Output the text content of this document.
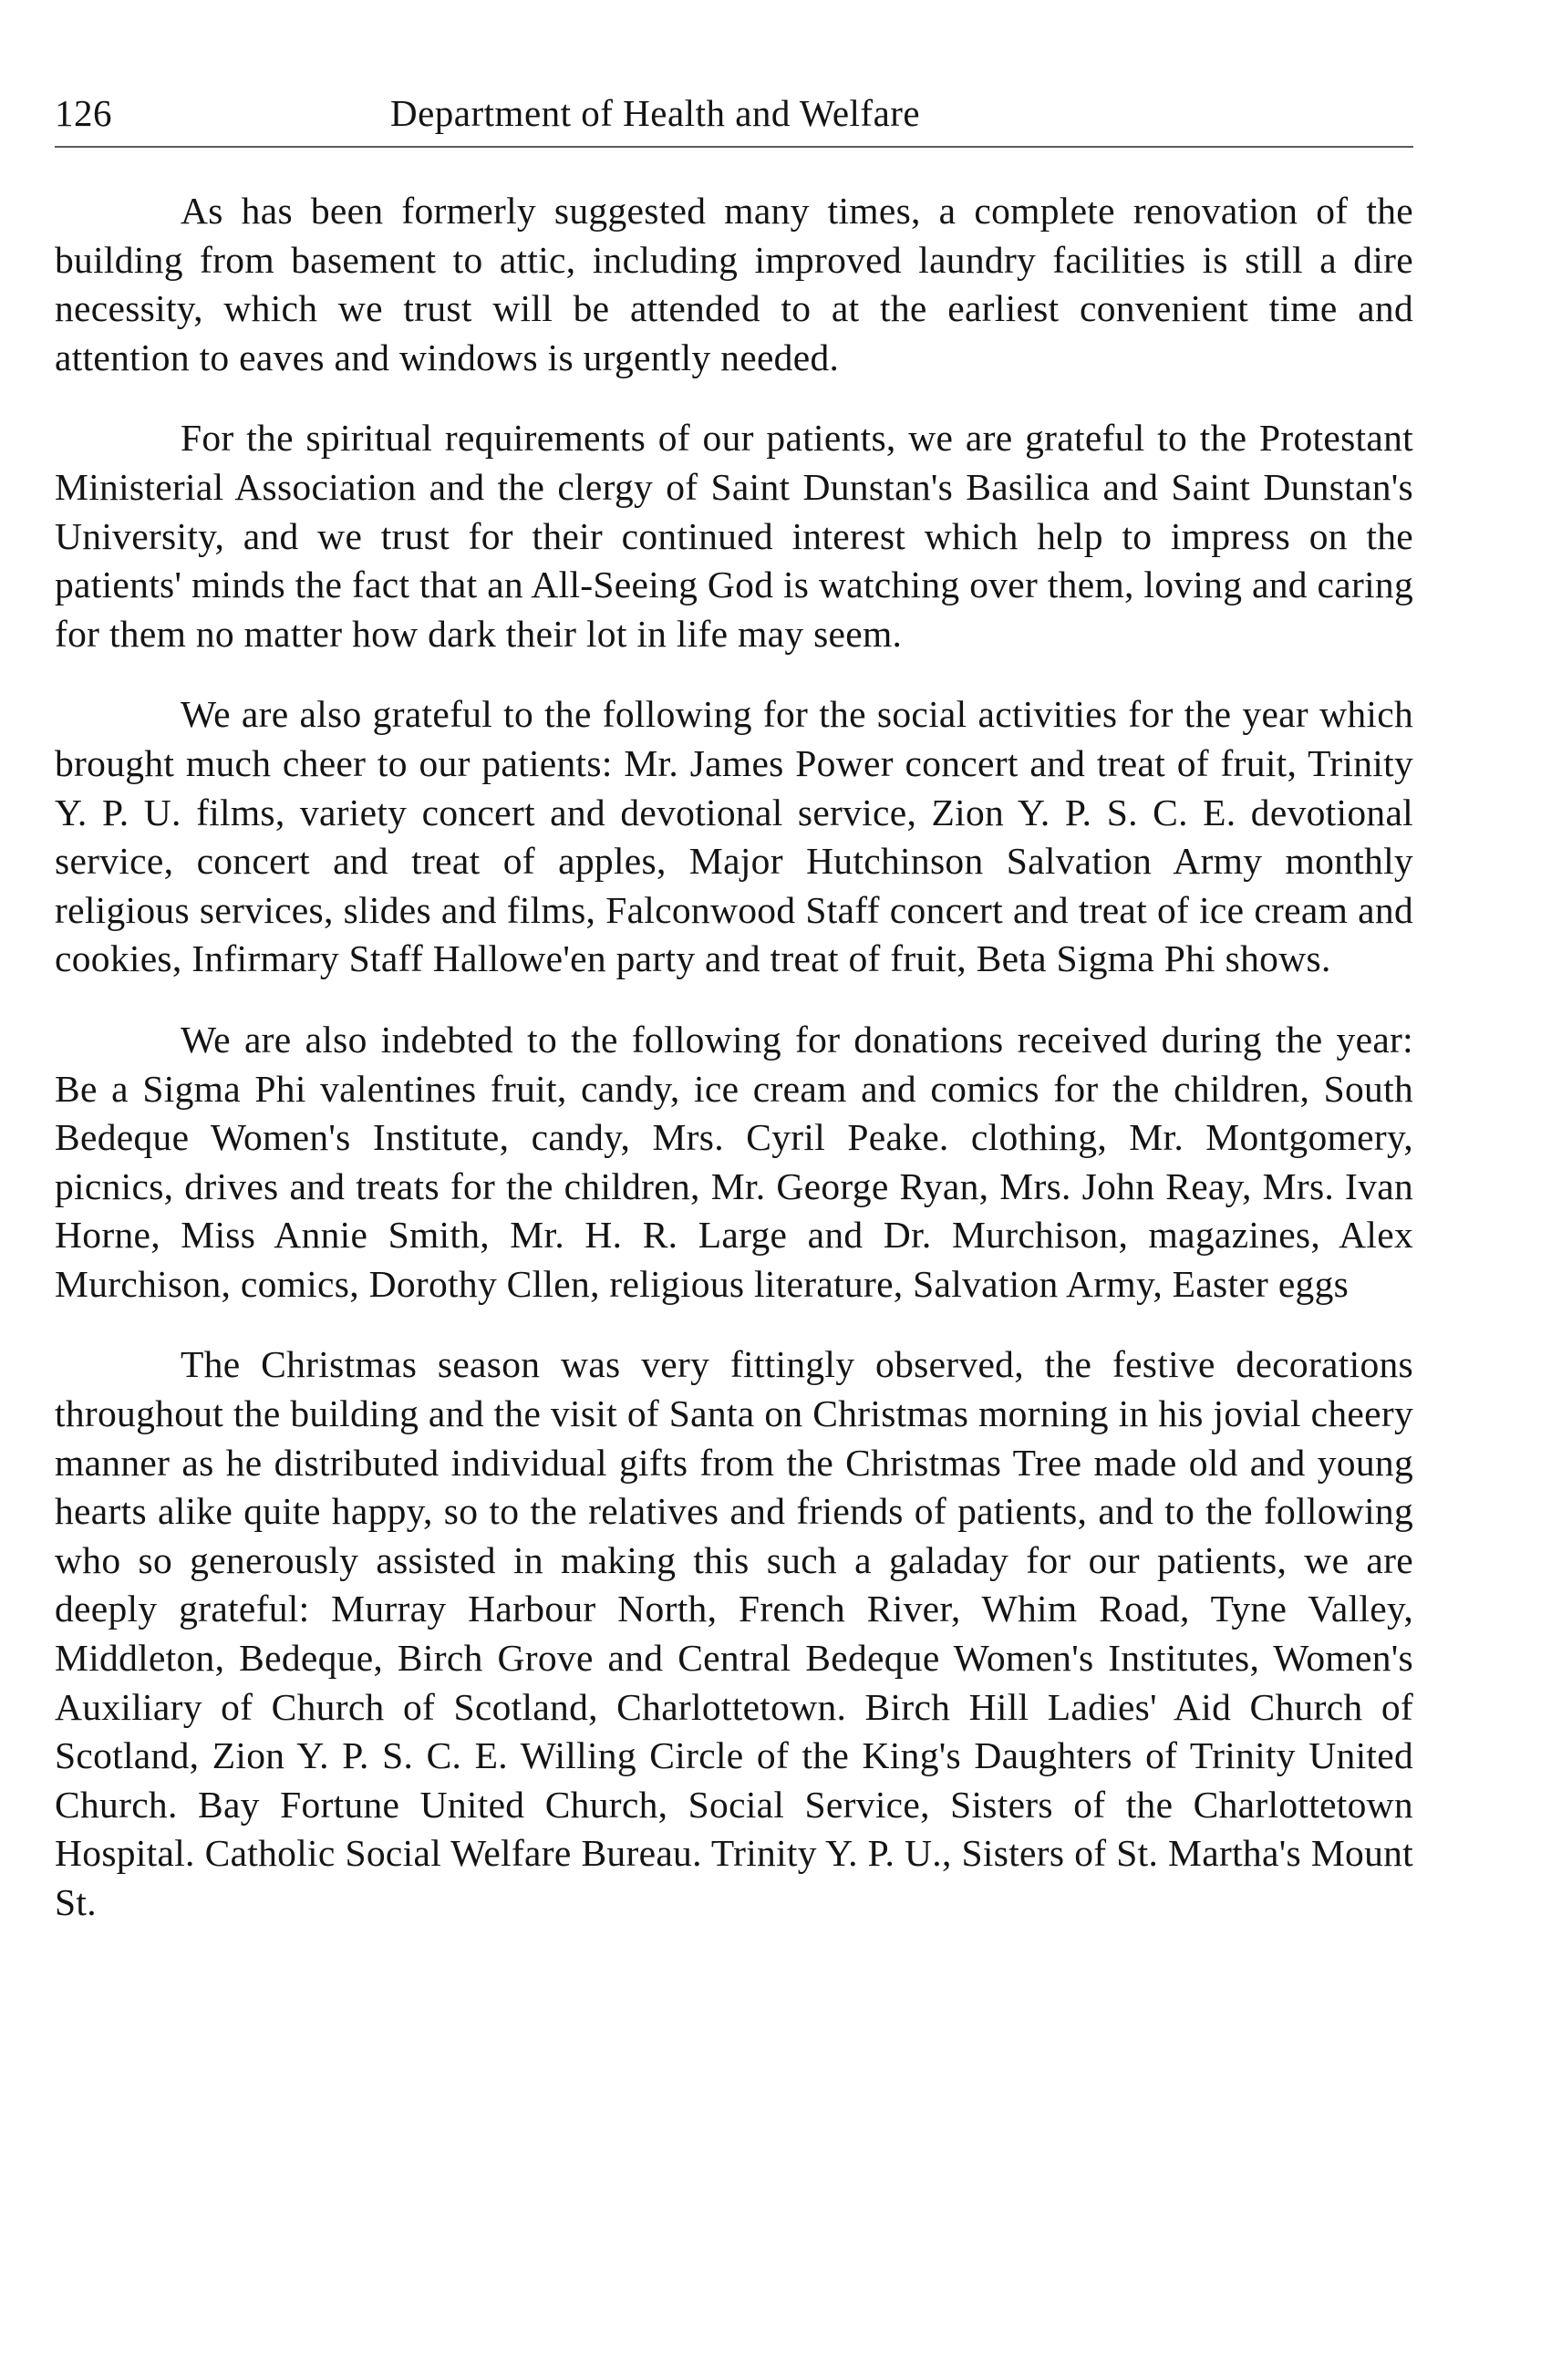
126	Department of Health and Welfare

As has been formerly suggested many times, a complete renovation of the building from basement to attic, including improved laundry facilities is still a dire necessity, which we trust will be attended to at the earliest convenient time and attention to eaves and windows is urgently needed.

For the spiritual requirements of our patients, we are grateful to the Protestant Ministerial Association and the clergy of Saint Dunstan's Basilica and Saint Dunstan's University, and we trust for their continued interest which help to impress on the patients' minds the fact that an All-Seeing God is watching over them, loving and caring for them no matter how dark their lot in life may seem.

We are also grateful to the following for the social activities for the year which brought much cheer to our patients: Mr. James Power concert and treat of fruit, Trinity Y. P. U. films, variety concert and devotional service, Zion Y. P. S. C. E. devotional service, concert and treat of apples, Major Hutchinson Salvation Army monthly religious services, slides and films, Falconwood Staff concert and treat of ice cream and cookies, Infirmary Staff Hallowe'en party and treat of fruit, Beta Sigma Phi shows.

We are also indebted to the following for donations received during the year: Be a Sigma Phi valentines fruit, candy, ice cream and comics for the children, South Bedeque Women's Institute, candy, Mrs. Cyril Peake. clothing, Mr. Montgomery, picnics, drives and treats for the children, Mr. George Ryan, Mrs. John Reay, Mrs. Ivan Horne, Miss Annie Smith, Mr. H. R. Large and Dr. Murchison, magazines, Alex Murchison, comics, Dorothy Cllen, religious literature, Salvation Army, Easter eggs

The Christmas season was very fittingly observed, the festive decorations throughout the building and the visit of Santa on Christmas morning in his jovial cheery manner as he distributed individual gifts from the Christmas Tree made old and young hearts alike quite happy, so to the relatives and friends of patients, and to the following who so generously assisted in making this such a galaday for our patients, we are deeply grateful: Murray Harbour North, French River, Whim Road, Tyne Valley, Middleton, Bedeque, Birch Grove and Central Bedeque Women's Institutes, Women's Auxiliary of Church of Scotland, Charlottetown. Birch Hill Ladies' Aid Church of Scotland, Zion Y. P. S. C. E. Willing Circle of the King's Daughters of Trinity United Church. Bay Fortune United Church, Social Service, Sisters of the Charlottetown Hospital. Catholic Social Welfare Bureau. Trinity Y. P. U., Sisters of St. Martha's Mount St.
